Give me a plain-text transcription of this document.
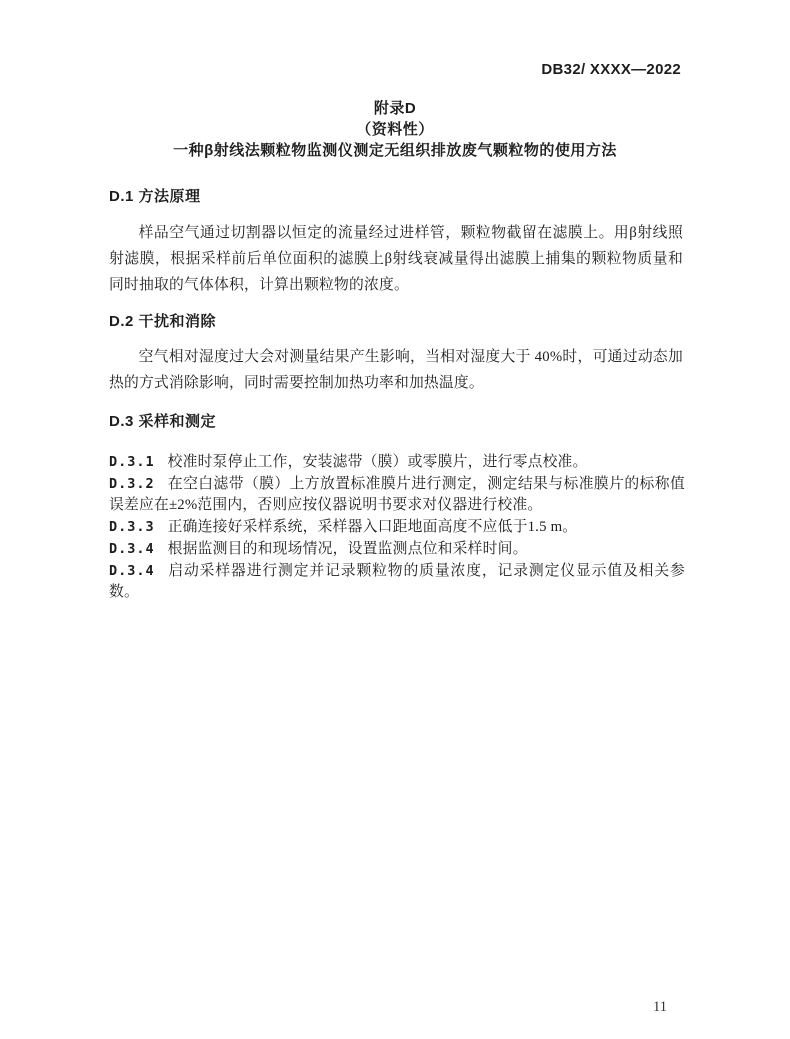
DB32/ XXXX—2022
附录D
（资料性）
一种β射线法颗粒物监测仪测定无组织排放废气颗粒物的使用方法
D.1 方法原理

样品空气通过切割器以恒定的流量经过进样管，颗粒物截留在滤膜上。用β射线照射滤膜，根据采样前后单位面积的滤膜上β射线衰减量得出滤膜上捕集的颗粒物质量和同时抽取的气体体积，计算出颗粒物的浓度。

D.2 干扰和消除

空气相对湿度过大会对测量结果产生影响，当相对湿度大于 40%时，可通过动态加热的方式消除影响，同时需要控制加热功率和加热温度。

D.3 采样和测定

D.3.1 校准时泵停止工作，安装滤带（膜）或零膜片，进行零点校准。

D.3.2 在空白滤带（膜）上方放置标准膜片进行测定，测定结果与标准膜片的标称值误差应在±2%范围内，否则应按仪器说明书要求对仪器进行校准。

D.3.3 正确连接好采样系统，采样器入口距地面高度不应低于1.5 m。

D.3.4 根据监测目的和现场情况，设置监测点位和采样时间。

D.3.4 启动采样器进行测定并记录颗粒物的质量浓度，记录测定仪显示值及相关参数。

11
